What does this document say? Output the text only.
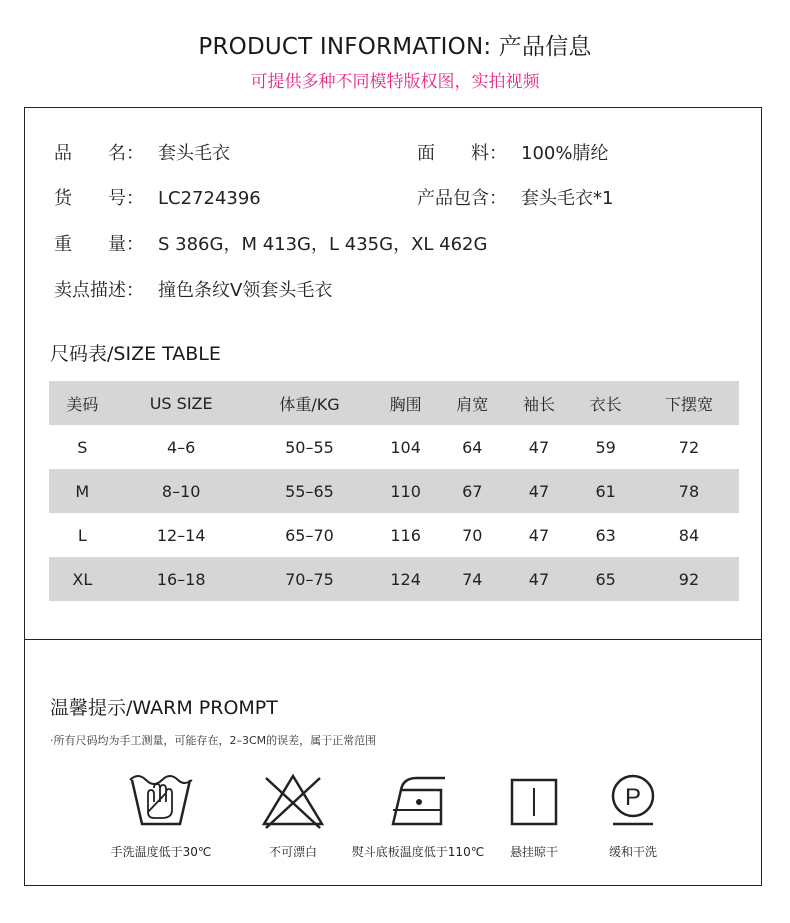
PRODUCT INFORMATION: 产品信息
可提供多种不同模特版权图，实拍视频
品　　名： 套头毛衣	面　　料： 100%腈纶
货　　号： LC2724396	产品包含： 套头毛衣*1
重　　量： S 386G，M 413G，L 435G，XL 462G
卖点描述： 撞色条纹V领套头毛衣
尺码表/SIZE TABLE
美码	US SIZE	体重/KG	胸围	肩宽	袖长	衣长	下摆宽
S	4–6	50–55	104	64	47	59	72
M	8–10	55–65	110	67	47	61	78
L	12–14	65–70	116	70	47	63	84
XL	16–18	70–75	124	74	47	65	92
温馨提示/WARM PROMPT
·所有尺码均为手工测量，可能存在，2–3CM的误差，属于正常范围
手洗温度低于30℃	不可漂白	熨斗底板温度低于110℃	悬挂晾干
P
缓和干洗
